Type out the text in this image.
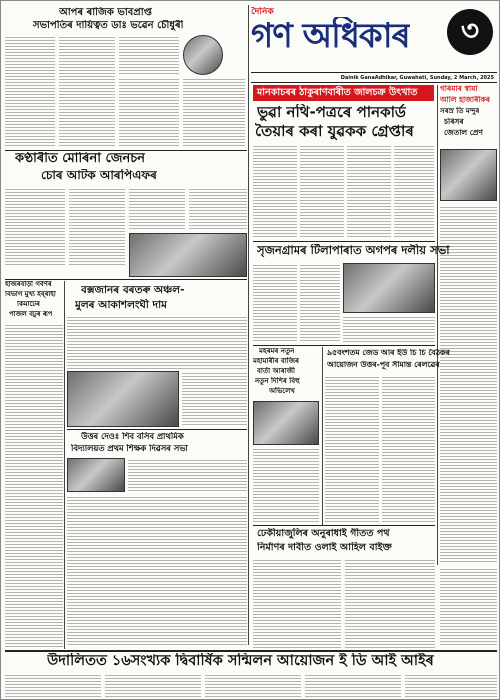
দৈনিক
গণ অধিকাৰ ৩
Dainik GanaAdhikar, Guwahati, Sunday, 2 March, 2025
আপৰ ৰাজিক ভাবপ্ৰাপ্ত
সভাপতিৰ দায়িত্বত ডাঃ ভৱেন চৌধুৰী
মানকাচৰৰ ঠাকুৰাণবাৰীত জালচক্ৰ উৎখাত
ভুৱা নথি-পত্ৰৰে পানকাৰ্ড
তৈয়াৰ কৰা যুৱকক গ্ৰেপ্তাৰ
গৰিমাৰ স্বামা
আলি হাজাৰীকৰ
সৰস্ৰ তি মন্দুৰ
চৰিসৰ
জেতাল প্ৰেণ
কণ্ঠাৰীত মোৰিনা জেনচন
চোৰ আটক আৰপিএফৰ
সৃজনগ্ৰামৰ টিলাপাৰাত অগপৰ দলীয় সভা
হাজৰবাড়ী গৰ্বৰ্ণৰ
বিভাগ মুখ্য ইব্‌ৰাহী
কিমাটৈৰ
পাজল বঁটুৰ ৰূপ
বক্সজানৰ বৰতৰু অঞ্চল-
মুলৰ আকাশলংঘী দাম
মহৰমৰ নতুন
মহামাৰীৰ বাজিৰ
বাৰ্তা আৰাজী
নতুন দিশিৰ বিহু
অভিলেখ
৯৫বংশতম জেড আৰ ইউ চি চি বৈঠকৰ
আয়োজন উত্তৰ-পূব সীমান্ত ৰেলৱেৰ
উত্তৰ দেওঃ শিব বসিব প্ৰাথমিক
বিদ্যালয়ত প্ৰথম শিক্ষক দিৱসৰ সভা
ঢেকীয়াজুলিৰ অনুৰাধাই গীতত পথ
নিৰ্মাণৰ দাবীত ওলাই আহিল বাইক্ত
উদালিতত ১৬সংখ্যক দ্বিবাৰ্ষিক সন্মিলন আয়োজন ই ডি আই আইৰ
